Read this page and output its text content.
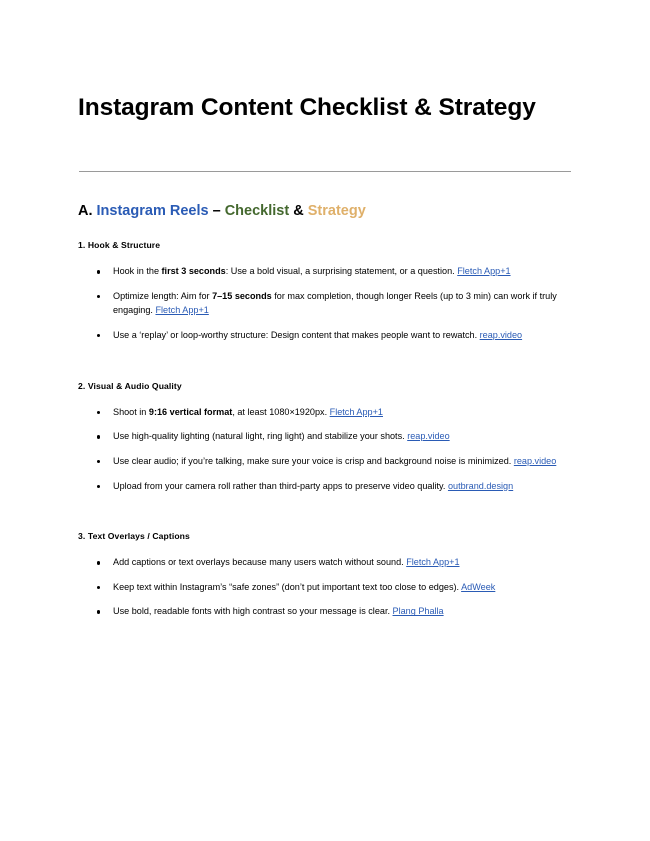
Instagram Content Checklist & Strategy
A. Instagram Reels – Checklist & Strategy
1. Hook & Structure
Hook in the first 3 seconds: Use a bold visual, a surprising statement, or a question. Fletch App+1
Optimize length: Aim for 7–15 seconds for max completion, though longer Reels (up to 3 min) can work if truly engaging. Fletch App+1
Use a ‘replay’ or loop-worthy structure: Design content that makes people want to rewatch. reap.video
2. Visual & Audio Quality
Shoot in 9:16 vertical format, at least 1080×1920px. Fletch App+1
Use high-quality lighting (natural light, ring light) and stabilize your shots. reap.video
Use clear audio; if you’re talking, make sure your voice is crisp and background noise is minimized. reap.video
Upload from your camera roll rather than third-party apps to preserve video quality. outbrand.design
3. Text Overlays / Captions
Add captions or text overlays because many users watch without sound. Fletch App+1
Keep text within Instagram’s “safe zones” (don’t put important text too close to edges). AdWeek
Use bold, readable fonts with high contrast so your message is clear. Plang Phalla
